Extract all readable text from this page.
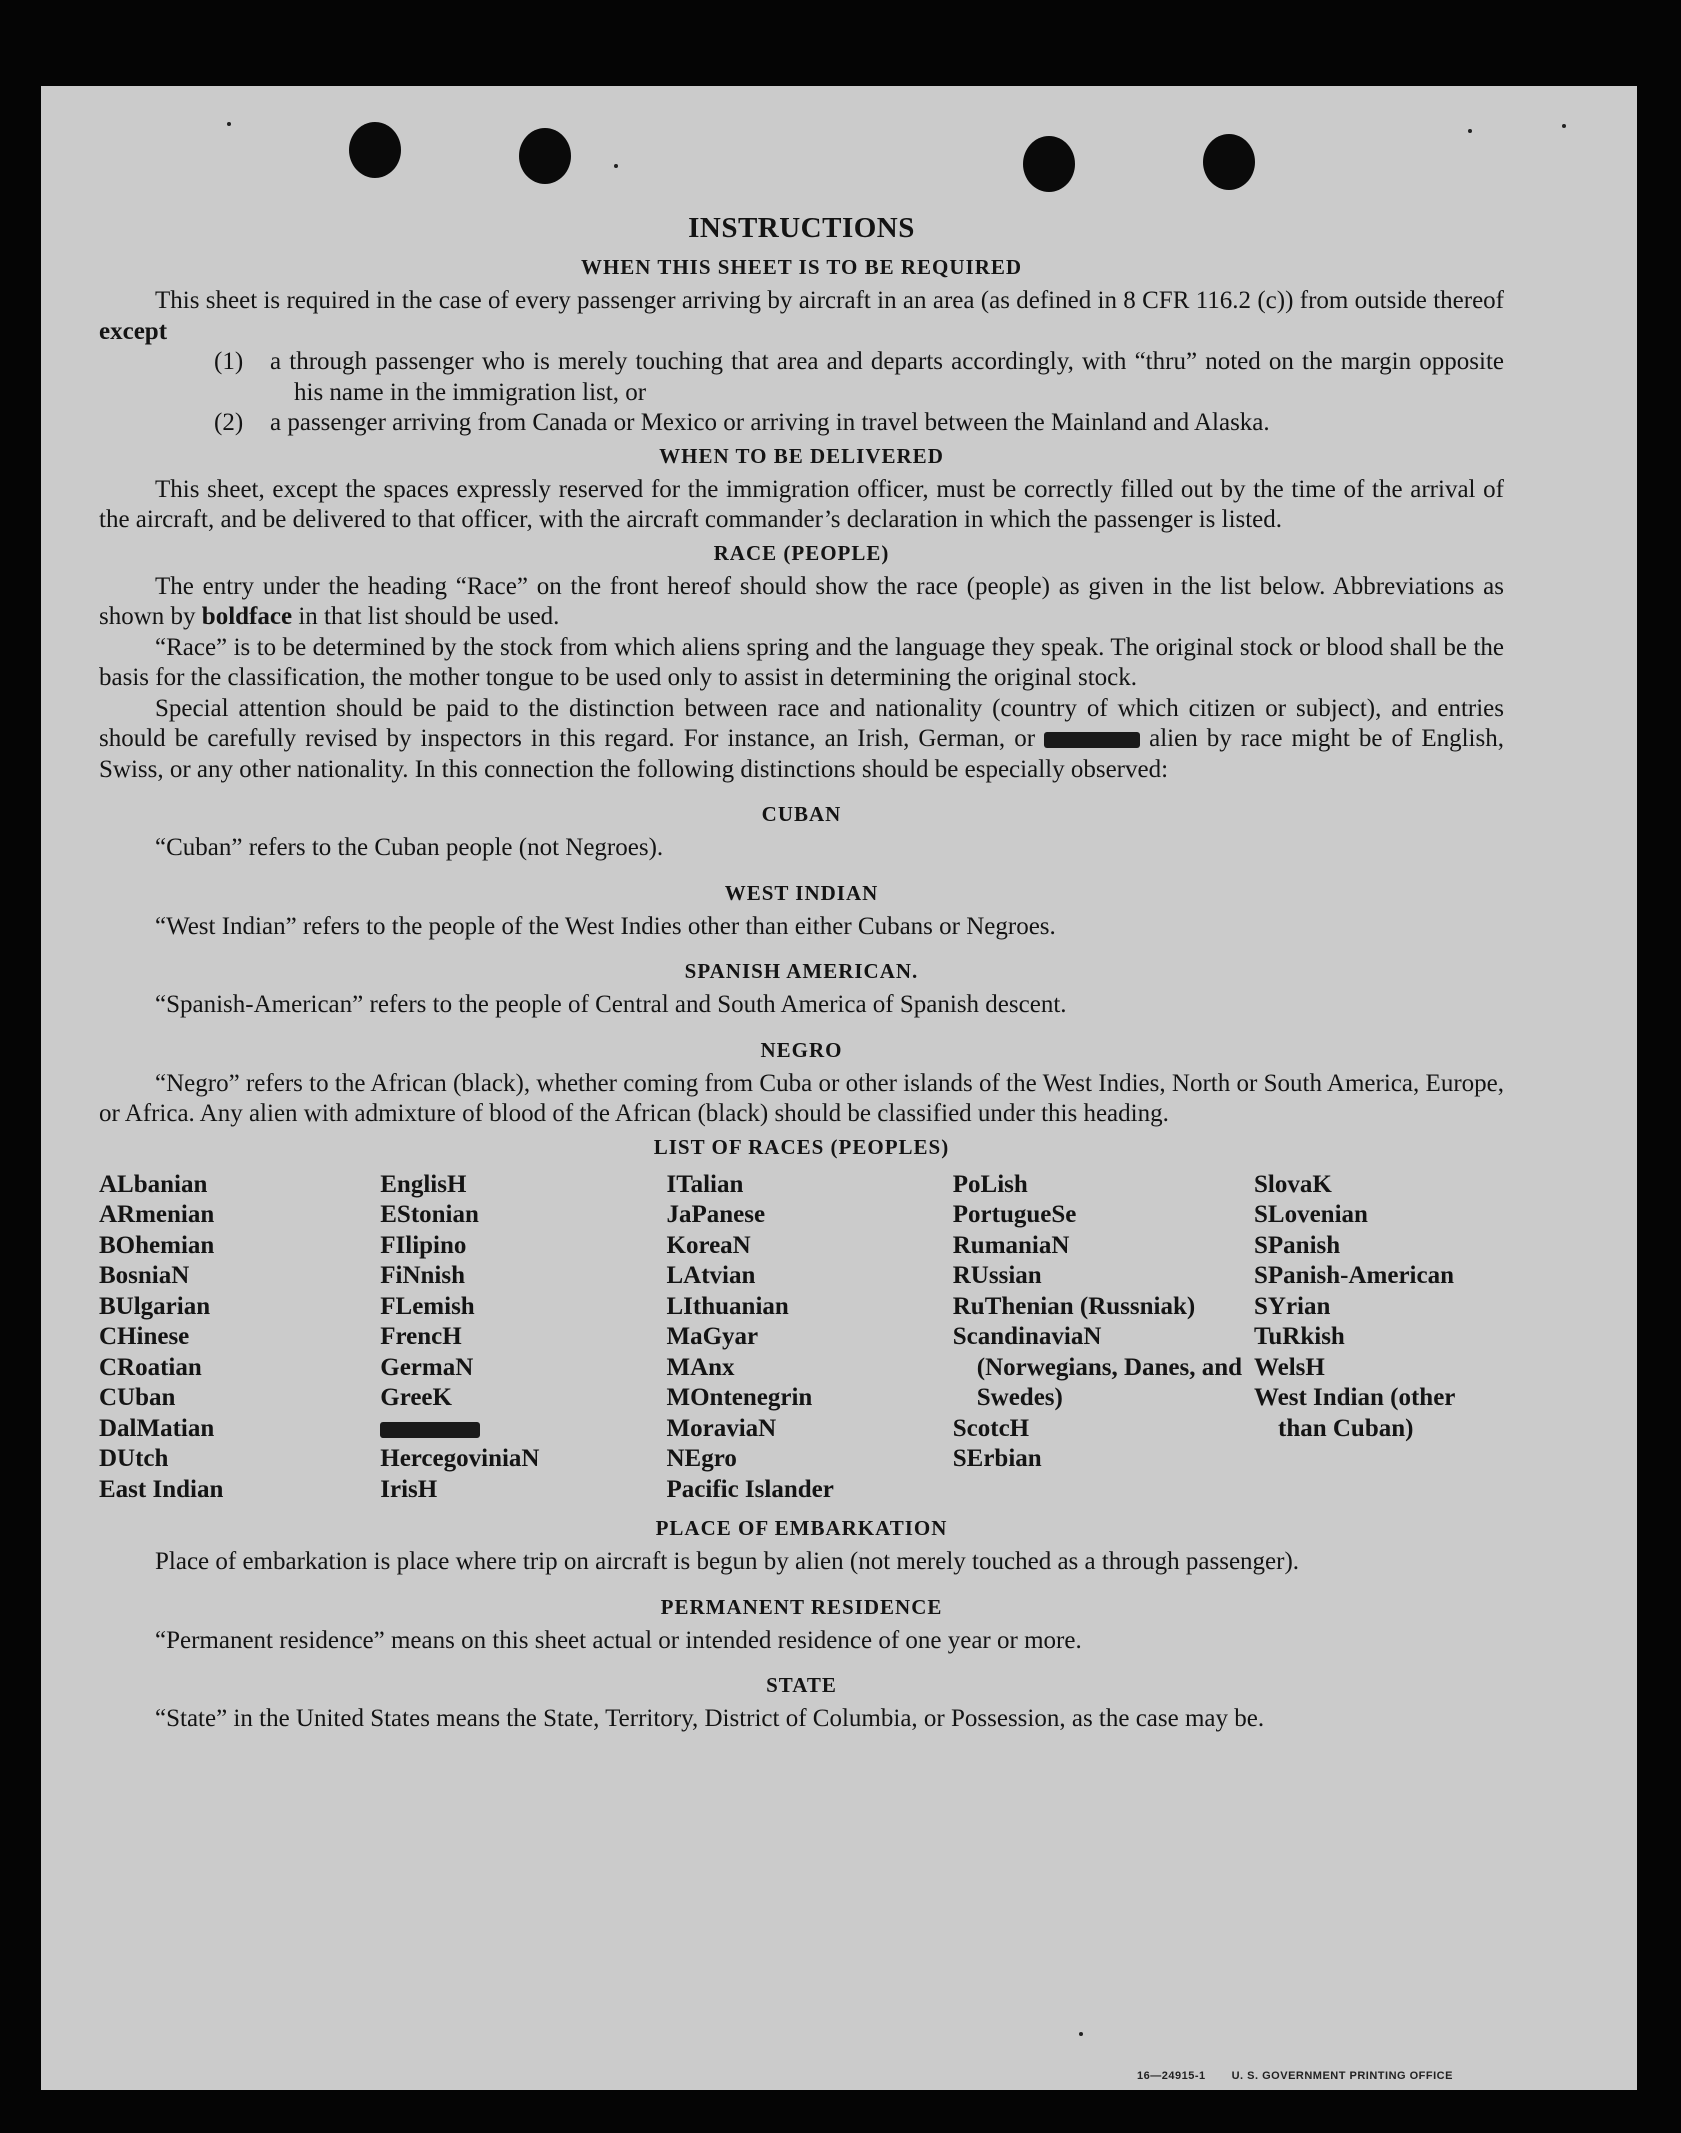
INSTRUCTIONS
WHEN THIS SHEET IS TO BE REQUIRED

This sheet is required in the case of every passenger arriving by aircraft in an area (as defined in 8 CFR 116.2 (c)) from outside thereof except

(1) a through passenger who is merely touching that area and departs accordingly, with “thru” noted on the margin opposite his name in the immigration list, or
(2) a passenger arriving from Canada or Mexico or arriving in travel between the Mainland and Alaska.
WHEN TO BE DELIVERED

This sheet, except the spaces expressly reserved for the immigration officer, must be correctly filled out by the time of the arrival of the aircraft, and be delivered to that officer, with the aircraft commander’s declaration in which the passenger is listed.

RACE (PEOPLE)

The entry under the heading “Race” on the front hereof should show the race (people) as given in the list below. Abbreviations as shown by boldface in that list should be used.

“Race” is to be determined by the stock from which aliens spring and the language they speak. The original stock or blood shall be the basis for the classification, the mother tongue to be used only to assist in determining the original stock.

Special attention should be paid to the distinction between race and nationality (country of which citizen or subject), and entries should be carefully revised by inspectors in this regard. For instance, an Irish, German, or	alien by race might be of English, Swiss, or any other nationality. In this connection the following distinctions should be especially observed:

CUBAN

“Cuban” refers to the Cuban people (not Negroes).

WEST INDIAN

“West Indian” refers to the people of the West Indies other than either Cubans or Negroes.

SPANISH AMERICAN.

“Spanish-American” refers to the people of Central and South America of Spanish descent.

NEGRO

“Negro” refers to the African (black), whether coming from Cuba or other islands of the West Indies, North or South America, Europe, or Africa. Any alien with admixture of blood of the African (black) should be classified under this heading.

LIST OF RACES (PEOPLES)
ALbanian
ARmenian
BOhemian
BosniaN
BUlgarian
CHinese
CRoatian
CUban
DalMatian
DUtch
East Indian
EnglisH
EStonian
FIlipino
FiNnish
FLemish
FrencH
GermaN
GreeK
HercegoviniaN
IrisH
ITalian
JaPanese
KoreaN
LAtvian
LIthuanian
MaGyar
MAnx
MOntenegrin
MoraviaN
NEgro
Pacific Islander
PoLish
PortugueSe
RumaniaN
RUssian
RuThenian (Russniak)
ScandinaviaN (Norwegians, Danes, and Swedes)
ScotcH
SErbian
SlovaK
SLovenian
SPanish
SPanish-American
SYrian
TuRkish
WelsH
West Indian (other than Cuban)
PLACE OF EMBARKATION

Place of embarkation is place where trip on aircraft is begun by alien (not merely touched as a through passenger).

PERMANENT RESIDENCE

“Permanent residence” means on this sheet actual or intended residence of one year or more.

STATE

“State” in the United States means the State, Territory, District of Columbia, or Possession, as the case may be.

16—24915-1 U. S. GOVERNMENT PRINTING OFFICE
